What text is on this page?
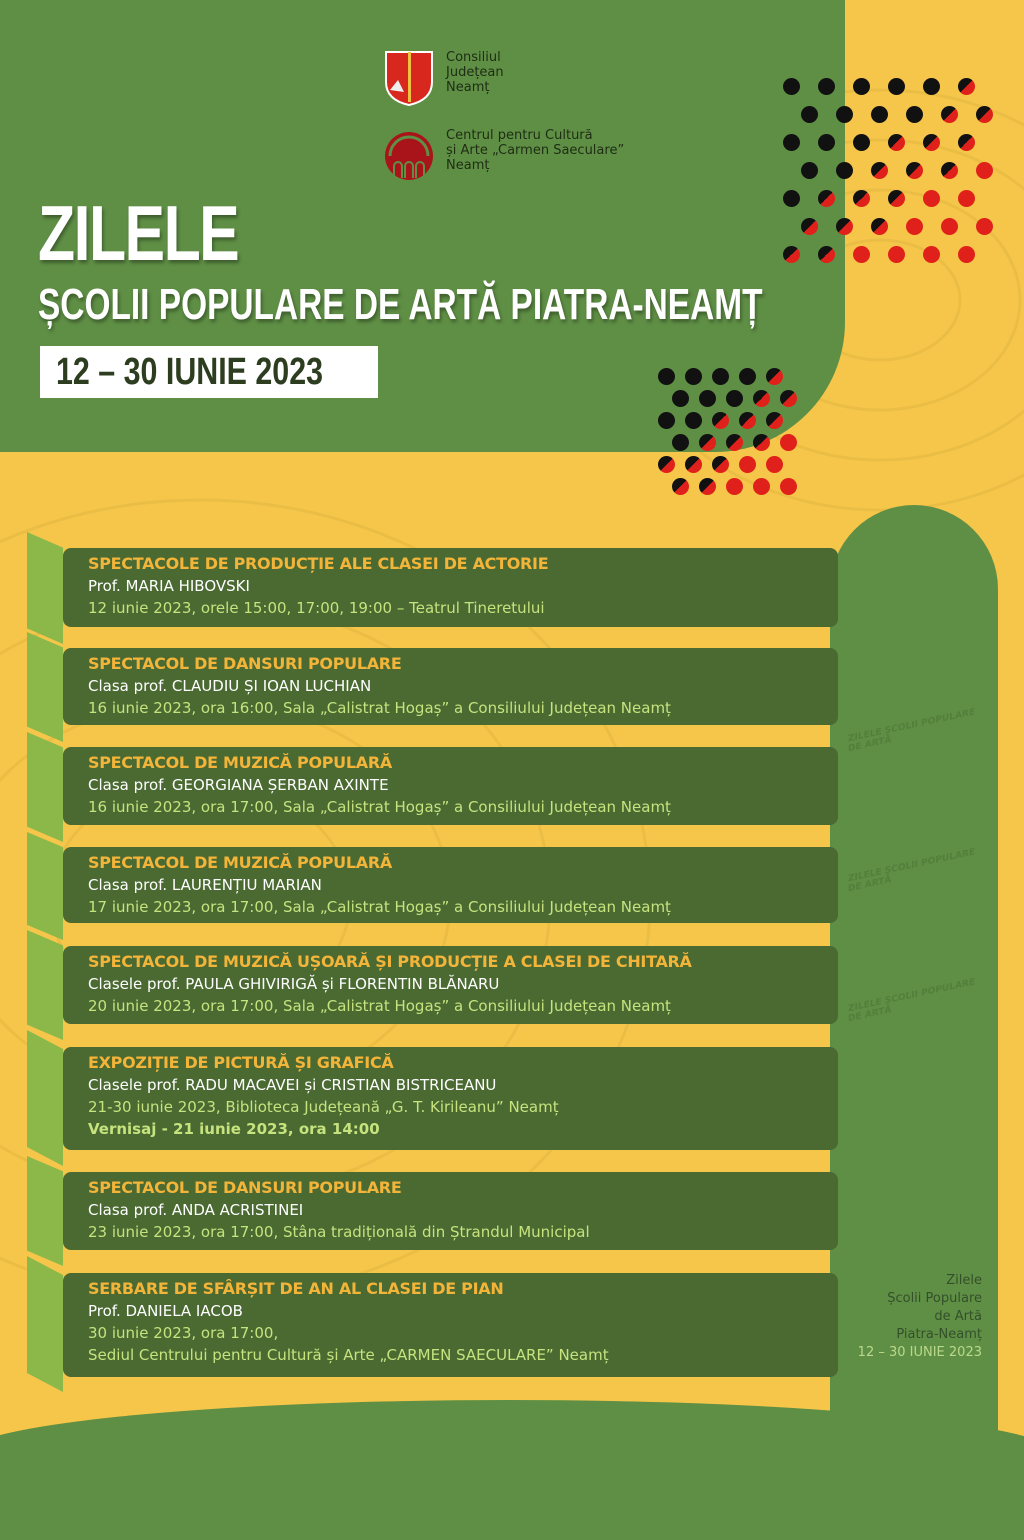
Consiliul
Județean
Neamț
Centrul pentru Cultură
și Arte „Carmen Saeculare”
Neamț
ZILELE
ȘCOLII POPULARE DE ARTĂ PIATRA-NEAMȚ
12 – 30 IUNIE 2023
ZILELE ȘCOLII POPULARE DE ARTĂ
ZILELE ȘCOLII POPULARE DE ARTĂ
ZILELE ȘCOLII POPULARE DE ARTĂ
Zilele
Școlii Populare
de Artă
Piatra-Neamț
12 – 30 IUNIE 2023
SPECTACOLE DE PRODUCȚIE ALE CLASEI DE ACTORIE
Prof. MARIA HIBOVSKI
12 iunie 2023, orele 15:00, 17:00, 19:00 – Teatrul Tineretului
SPECTACOL DE DANSURI POPULARE
Clasa prof. CLAUDIU ȘI IOAN LUCHIAN
16 iunie 2023, ora 16:00, Sala „Calistrat Hogaș” a Consiliului Județean Neamț
SPECTACOL DE MUZICĂ POPULARĂ
Clasa prof. GEORGIANA ȘERBAN AXINTE
16 iunie 2023, ora 17:00, Sala „Calistrat Hogaș” a Consiliului Județean Neamț
SPECTACOL DE MUZICĂ POPULARĂ
Clasa prof. LAURENȚIU MARIAN
17 iunie 2023, ora 17:00, Sala „Calistrat Hogaș” a Consiliului Județean Neamț
SPECTACOL DE MUZICĂ UȘOARĂ ȘI PRODUCȚIE A CLASEI DE CHITARĂ
Clasele prof. PAULA GHIVIRIGĂ și FLORENTIN BLĂNARU
20 iunie 2023, ora 17:00, Sala „Calistrat Hogaș” a Consiliului Județean Neamț
EXPOZIȚIE DE PICTURĂ ȘI GRAFICĂ
Clasele prof. RADU MACAVEI și CRISTIAN BISTRICEANU
21-30 iunie 2023, Biblioteca Județeană „G. T. Kirileanu” Neamț
Vernisaj - 21 iunie 2023, ora 14:00
SPECTACOL DE DANSURI POPULARE
Clasa prof. ANDA ACRISTINEI
23 iunie 2023, ora 17:00, Stâna tradițională din Ștrandul Municipal
SERBARE DE SFÂRȘIT DE AN AL CLASEI DE PIAN
Prof. DANIELA IACOB
30 iunie 2023, ora 17:00,
Sediul Centrului pentru Cultură și Arte „CARMEN SAECULARE” Neamț
